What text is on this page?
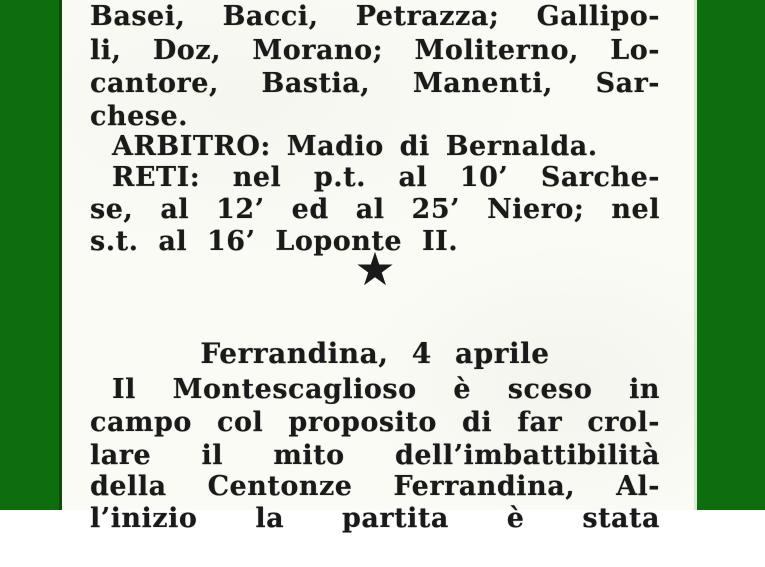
Basei, Bacci, Petrazza; Gallipo-
li, Doz, Morano; Moliterno, Lo-
cantore, Bastia, Manenti, Sar-
chese.
ARBITRO: Madio di Bernalda.
RETI: nel p.t. al 10’ Sarche-
se, al 12’ ed al 25’ Niero; nel
s.t. al 16’ Loponte II.
★
Ferrandina, 4 aprile
Il Montescaglioso è sceso in
campo col proposito di far crol-
lare il mito dell’imbattibilità
della Centonze Ferrandina, Al-
l’inizio la partita è stata
